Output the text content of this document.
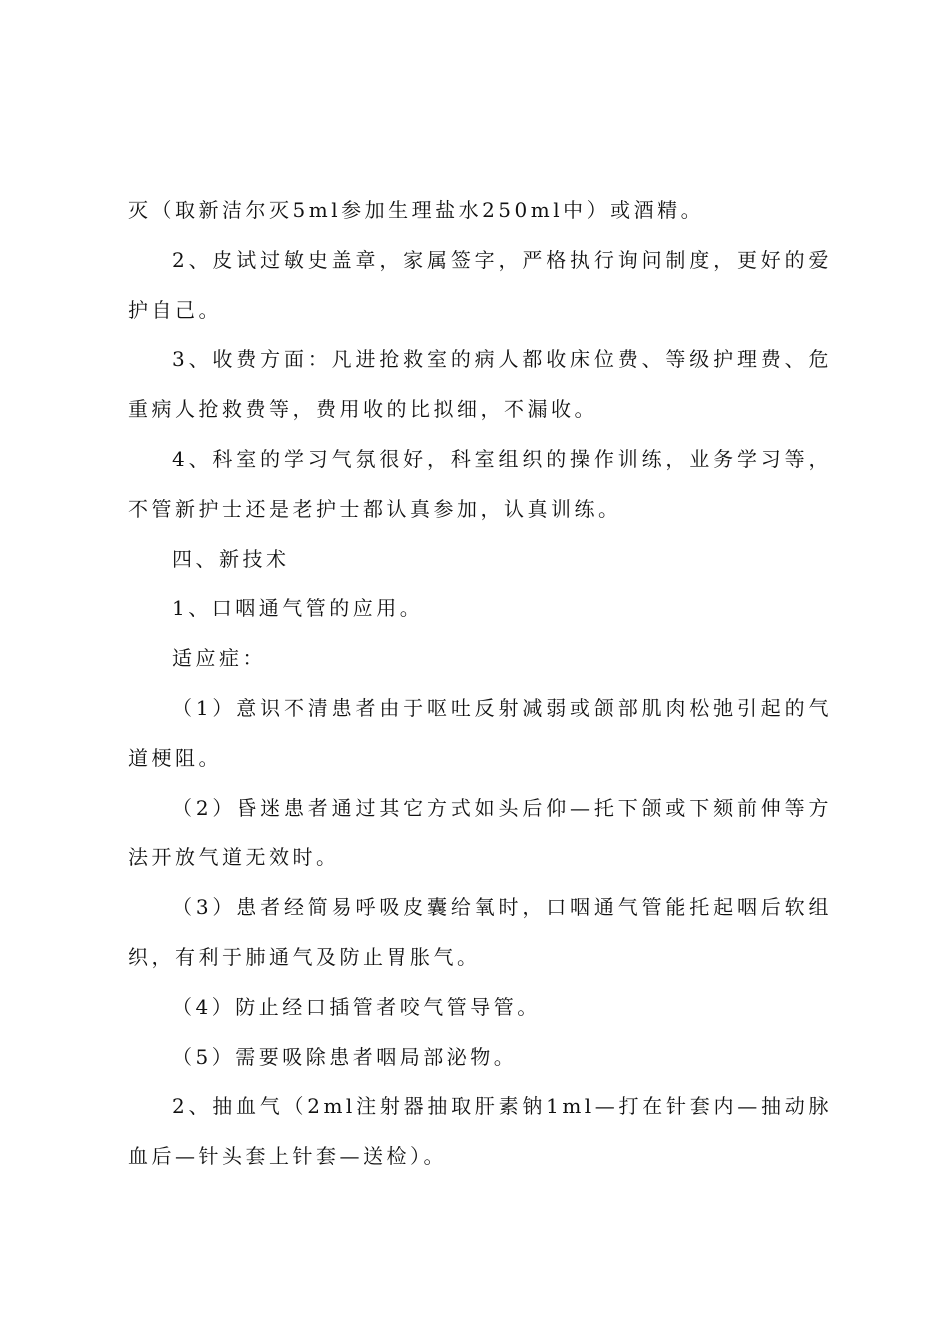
灭（取新洁尔灭5ml参加生理盐水250ml中）或酒精。

2、皮试过敏史盖章，家属签字，严格执行询问制度，更好的爱护自己。

3、收费方面：凡进抢救室的病人都收床位费、等级护理费、危重病人抢救费等，费用收的比拟细，不漏收。

4、科室的学习气氛很好，科室组织的操作训练，业务学习等，不管新护士还是老护士都认真参加，认真训练。

四、新技术

1、口咽通气管的应用。

适应症：

（1）意识不清患者由于呕吐反射减弱或颌部肌肉松弛引起的气道梗阻。

（2）昏迷患者通过其它方式如头后仰—托下颌或下颏前伸等方法开放气道无效时。

（3）患者经简易呼吸皮囊给氧时，口咽通气管能托起咽后软组织，有利于肺通气及防止胃胀气。

（4）防止经口插管者咬气管导管。

（5）需要吸除患者咽局部泌物。

2、抽血气（2ml注射器抽取肝素钠1ml—打在针套内—抽动脉血后—针头套上针套—送检）。
